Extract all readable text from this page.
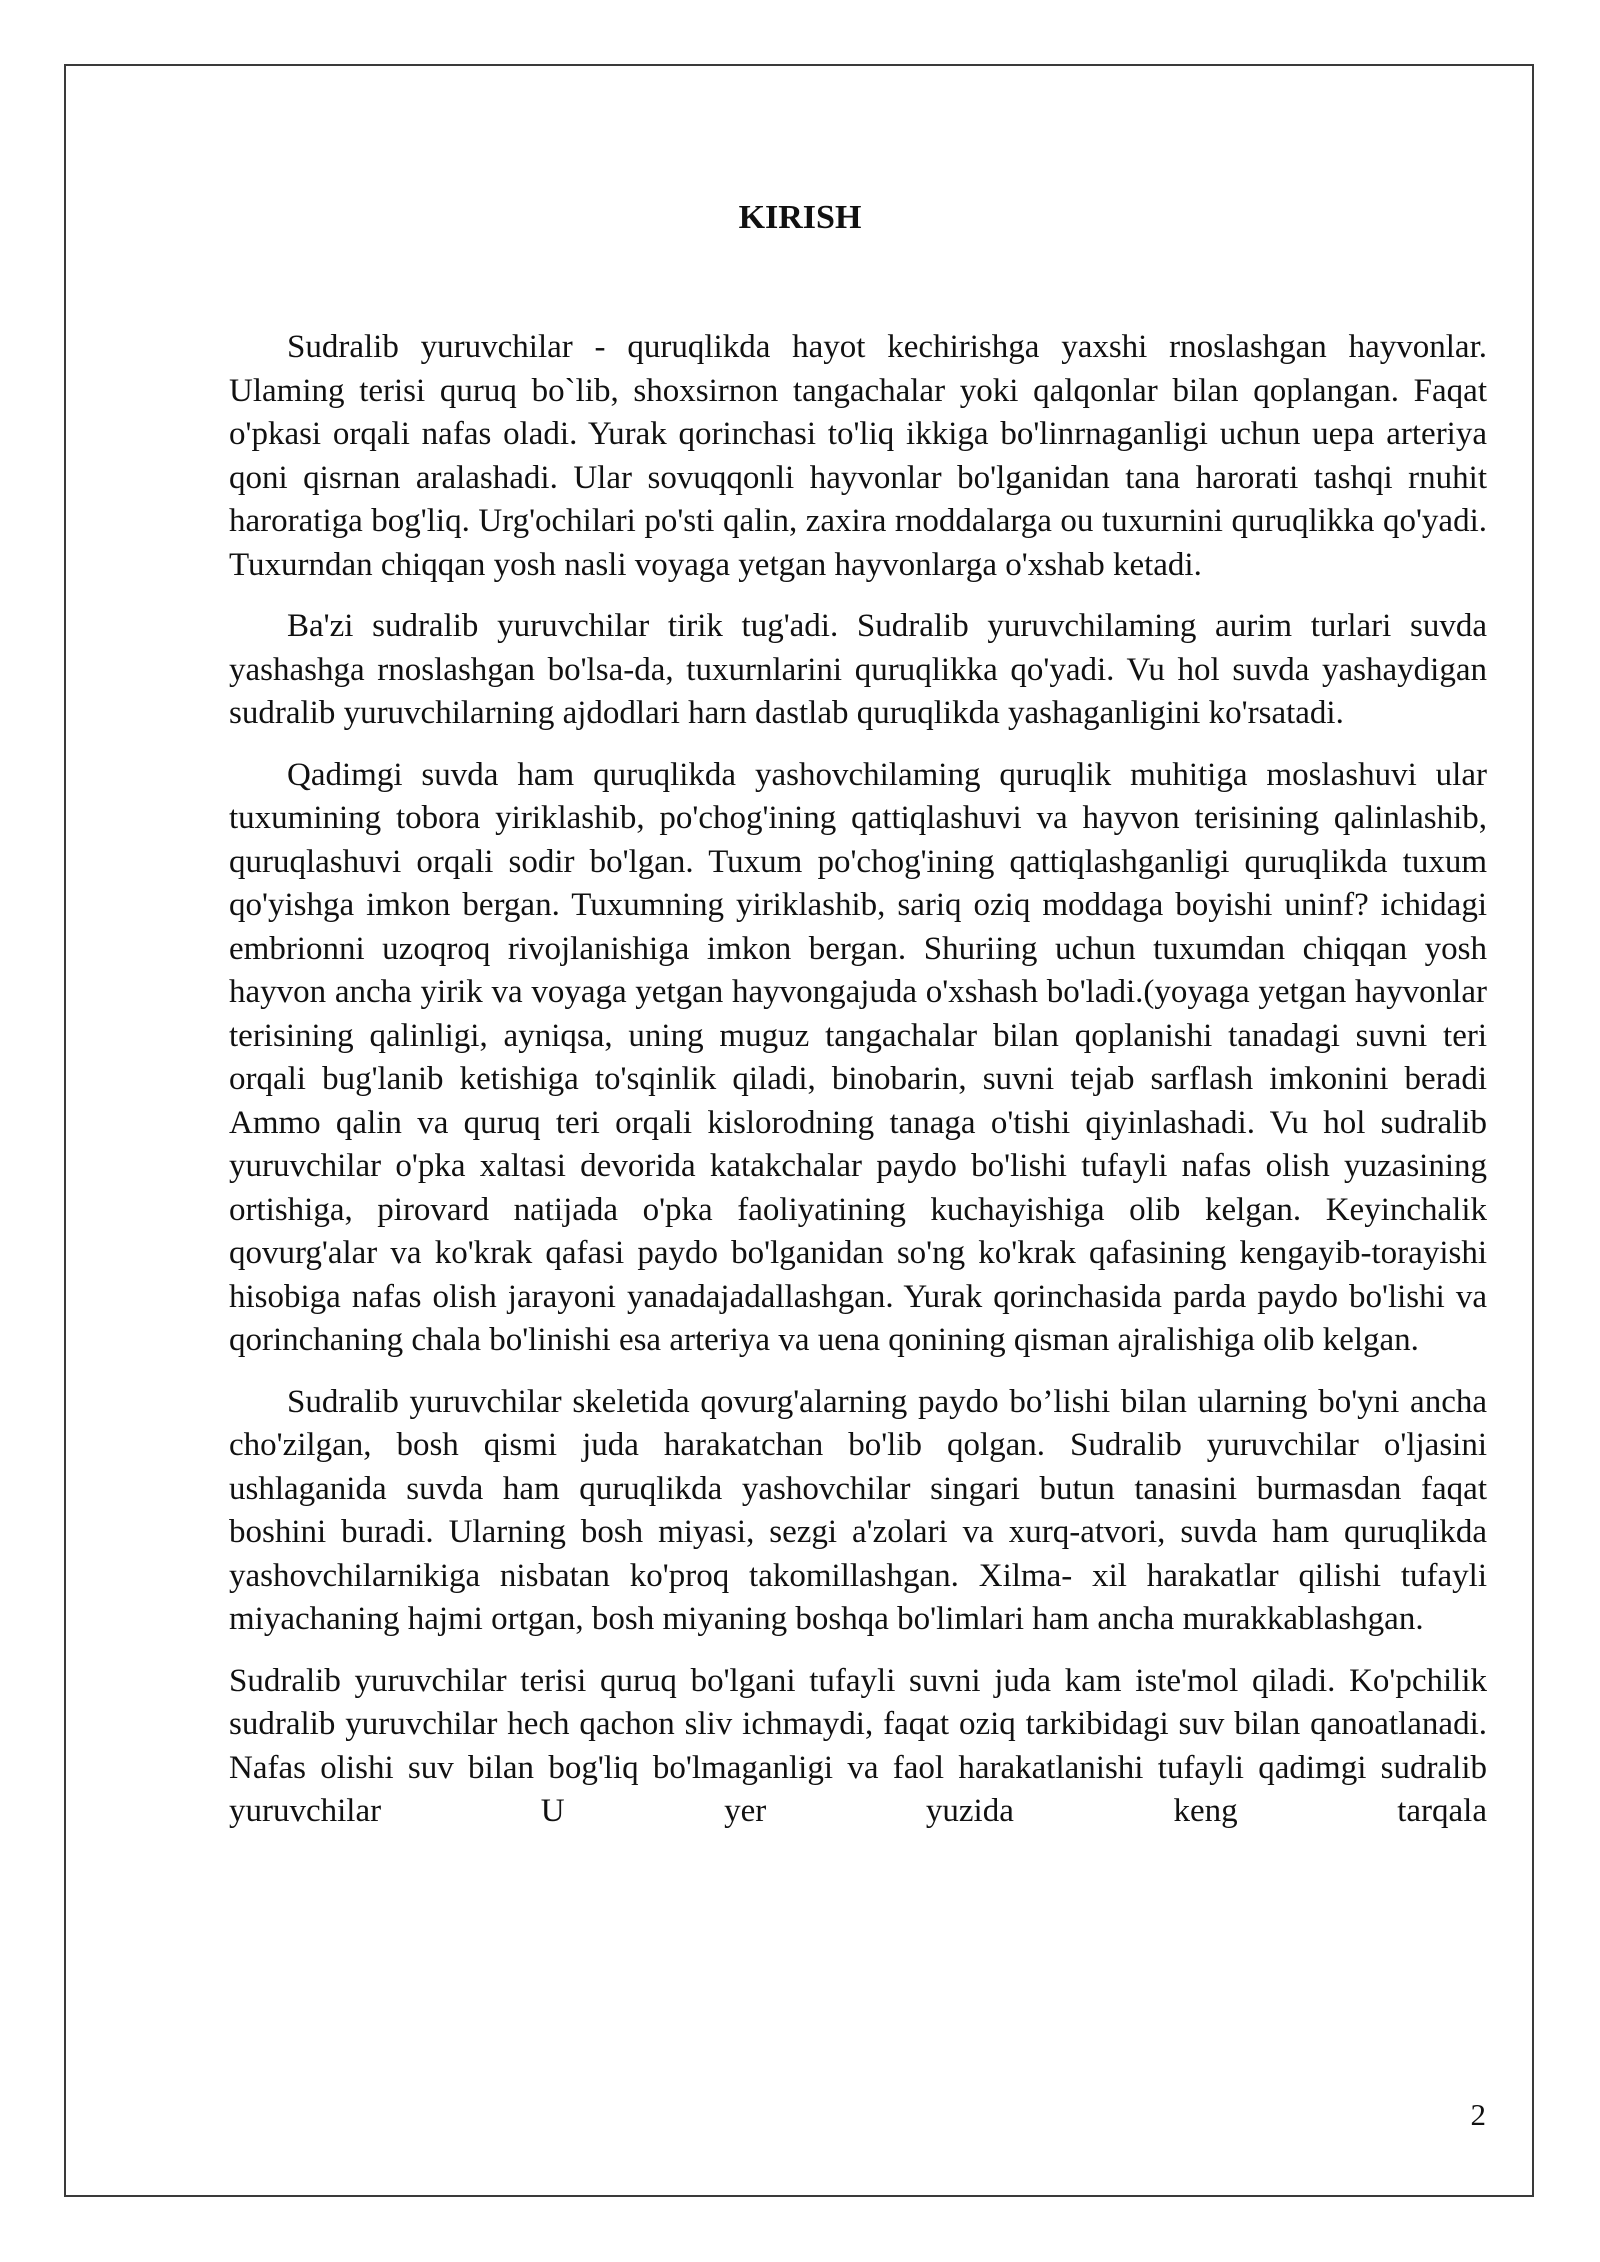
KIRISH

Sudralib yuruvchilar - quruqlikda hayot kechirishga yaxshi rnoslashgan hayvonlar. Ulaming terisi quruq bo`lib, shoxsirnon tangachalar yoki qalqonlar bilan qoplangan. Faqat o'pkasi orqali nafas oladi. Yurak qorinchasi to'liq ikkiga bo'linrnaganligi uchun uepa arteriya qoni qisrnan aralashadi. Ular sovuqqonli hayvonlar bo'lganidan tana harorati tashqi rnuhit haroratiga bog'liq. Urg'ochilari po'sti qalin, zaxira rnoddalarga ou tuxurnini quruqlikka qo'yadi. Tuxurndan chiqqan yosh nasli voyaga yetgan hayvonlarga o'xshab ketadi.

Ba'zi sudralib yuruvchilar tirik tug'adi. Sudralib yuruvchilaming aurim turlari suvda yashashga rnoslashgan bo'lsa-da, tuxurnlarini quruqlikka qo'yadi. Vu hol suvda yashaydigan sudralib yuruvchilarning ajdodlari harn dastlab quruqlikda yashaganligini ko'rsatadi.

Qadimgi suvda ham quruqlikda yashovchilaming quruqlik muhitiga moslashuvi ular tuxumining tobora yiriklashib, po'chog'ining qattiqlashuvi va hayvon terisining qalinlashib, quruqlashuvi orqali sodir bo'lgan. Tuxum po'chog'ining qattiqlashganligi quruqlikda tuxum qo'yishga imkon bergan. Tuxumning yiriklashib, sariq oziq moddaga boyishi uninf? ichidagi embrionni uzoqroq rivojlanishiga imkon bergan. Shuriing uchun tuxumdan chiqqan yosh hayvon ancha yirik va voyaga yetgan hayvongajuda o'xshash bo'ladi.(yoyaga yetgan hayvonlar terisining qalinligi, ayniqsa, uning muguz tangachalar bilan qoplanishi tanadagi suvni teri orqali bug'lanib ketishiga to'sqinlik qiladi, binobarin, suvni tejab sarflash imkonini beradi Ammo qalin va quruq teri orqali kislorodning tanaga o'tishi qiyinlashadi. Vu hol sudralib yuruvchilar o'pka xaltasi devorida katakchalar paydo bo'lishi tufayli nafas olish yuzasining ortishiga, pirovard natijada o'pka faoliyatining kuchayishiga olib kelgan. Keyinchalik qovurg'alar va ko'krak qafasi paydo bo'lganidan so'ng ko'krak qafasining kengayib-torayishi hisobiga nafas olish jarayoni yanadajadallashgan. Yurak qorinchasida parda paydo bo'lishi va qorinchaning chala bo'linishi esa arteriya va uena qonining qisman ajralishiga olib kelgan.

Sudralib yuruvchilar skeletida qovurg'alarning paydo bo’lishi bilan ularning bo'yni ancha cho'zilgan, bosh qismi juda harakatchan bo'lib qolgan. Sudralib yuruvchilar o'ljasini ushlaganida suvda ham quruqlikda yashovchilar singari butun tanasini burmasdan faqat boshini buradi. Ularning bosh miyasi, sezgi a'zolari va xurq-atvori, suvda ham quruqlikda yashovchilarnikiga nisbatan ko'proq takomillashgan. Xilma- xil harakatlar qilishi tufayli miyachaning hajmi ortgan, bosh miyaning boshqa bo'limlari ham ancha murakkablashgan.

Sudralib yuruvchilar terisi quruq bo'lgani tufayli suvni juda kam iste'mol qiladi. Ko'pchilik sudralib yuruvchilar hech qachon sliv ichmaydi, faqat oziq tarkibidagi suv bilan qanoatlanadi. Nafas olishi suv bilan bog'liq bo'lmaganligi va faol harakatlanishi tufayli qadimgi sudralib yuruvchilar U yer yuzida keng tarqala

2
